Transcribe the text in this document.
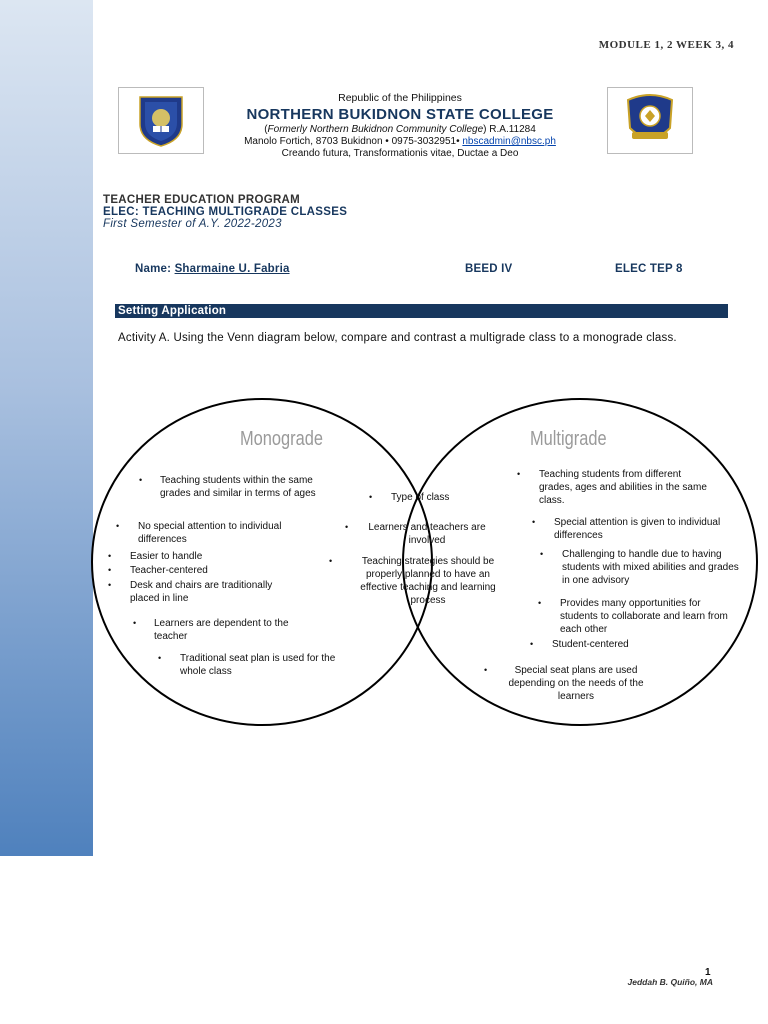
MODULE 1, 2 WEEK 3, 4
Republic of the Philippines
NORTHERN BUKIDNON STATE COLLEGE
(Formerly Northern Bukidnon Community College) R.A.11284
Manolo Fortich, 8703 Bukidnon • 0975-3032951• nbscadmin@nbsc.ph
Creando futura, Transformationis vitae, Ductae a Deo
TEACHER EDUCATION PROGRAM
ELEC: TEACHING MULTIGRADE CLASSES
First Semester of A.Y. 2022-2023
Name: Sharmaine U. Fabria	BEED IV	ELEC TEP 8
Setting Application
Activity A. Using the Venn diagram below, compare and contrast a multigrade class to a monograde class.
Monograde	Multigrade
• Teaching students within the same grades and similar in terms of ages
• No special attention to individual differences
• Easier to handle
• Teacher-centered
• Desk and chairs are traditionally placed in line
• Learners are dependent to the teacher
• Traditional seat plan is used for the whole class
• Type of class
• Learners and teachers are involved
•	Teaching strategies should be properly planned to have an effective teaching and learning process
• Teaching students from different grades, ages and abilities in the same class.
• Special attention is given to individual differences
• Challenging to handle due to having students with mixed abilities and grades in one advisory
• Provides many opportunities for students to collaborate and learn from each other
• Student-centered
•	Special seat plans are used depending on the needs of the learners
1
Jeddah B. Quiño, MA
